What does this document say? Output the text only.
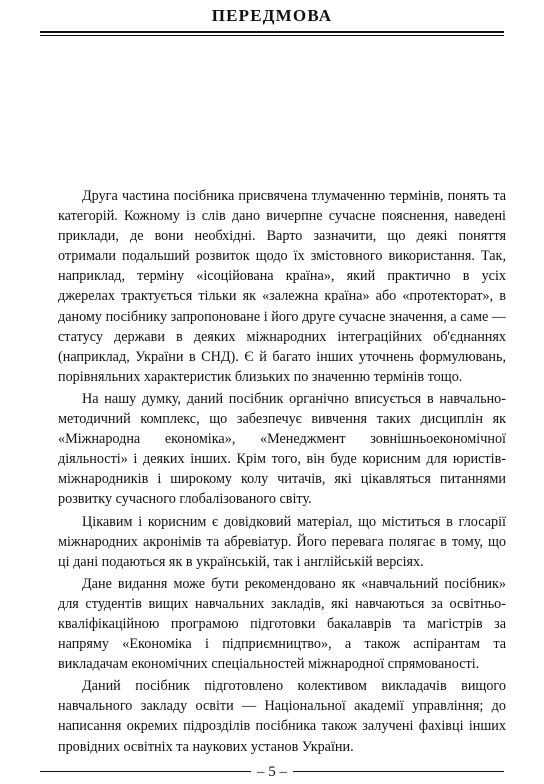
ПЕРЕДМОВА

Друга частина посібника присвячена тлумаченню термінів, понять та категорій. Кожному із слів дано вичерпне сучасне пояснення, наведені приклади, де вони необхідні. Варто зазначити, що деякі поняття отримали подальший розвиток щодо їх змістовного використання. Так, наприклад, терміну «ісоційована країна», який практично в усіх джерелах трактується тільки як «залежна країна» або «протекторат», в даному посібнику запропоноване і його друге сучасне значення, а саме — статусу держави в деяких міжнародних інтеграційних об'єднаннях (наприклад, України в СНД). Є й багато інших уточнень формулювань, порівняльних характеристик близьких по значенню термінів тощо.

На нашу думку, даний посібник органічно вписується в навчально-методичний комплекс, що забезпечує вивчення таких дисциплін як «Міжнародна економіка», «Менеджмент зовнішньоекономічної діяльності» і деяких інших. Крім того, він буде корисним для юристів-міжнародників і широкому колу читачів, які цікавляться питаннями розвитку сучасного глобалізованого світу.

Цікавим і корисним є довідковий матеріал, що міститься в глосарії міжнародних акронімів та абревіатур. Його перевага полягає в тому, що ці дані подаються як в українській, так і англійській версіях.

Дане видання може бути рекомендовано як «навчальний посібник» для студентів вищих навчальних закладів, які навчаються за освітньо-кваліфікаційною програмою підготовки бакалаврів та магістрів за напряму «Економіка і підприємництво», а також аспірантам та викладачам економічних спеціальностей міжнародної спрямованості.

Даний посібник підготовлено колективом викладачів вищого навчального закладу освіти — Національної академії управління; до написання окремих підрозділів посібника також залучені фахівці інших провідних освітніх та наукових установ України.

– 5 –
